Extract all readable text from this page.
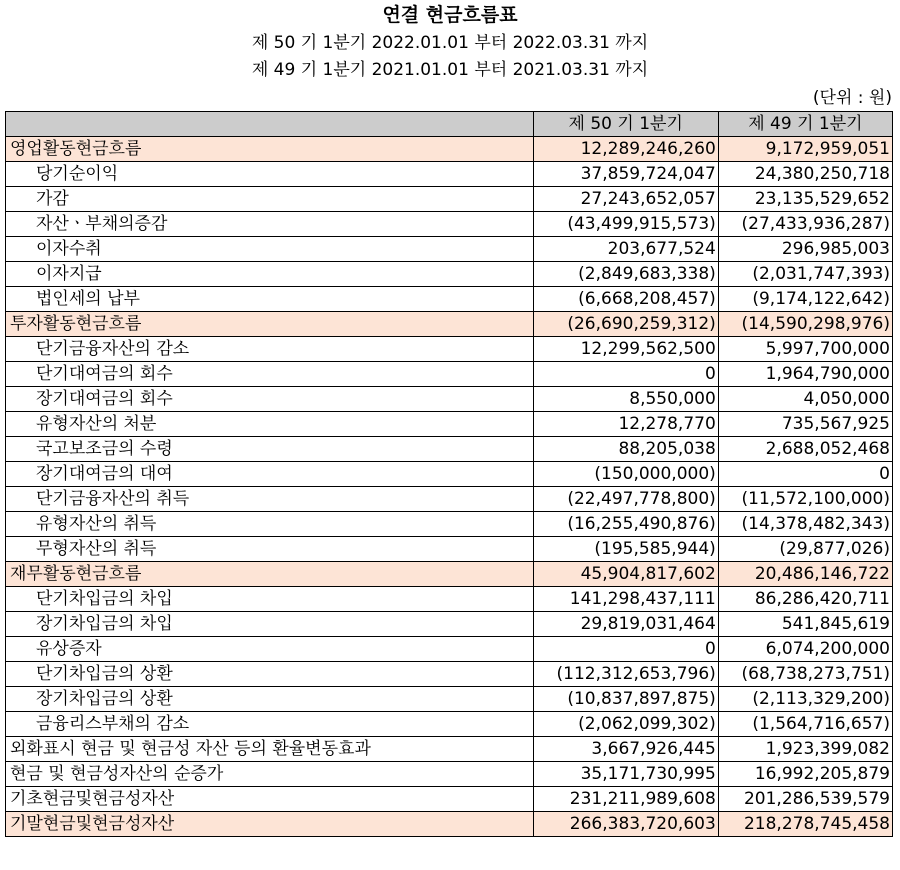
연결 현금흐름표
제 50 기 1분기 2022.01.01 부터 2022.03.31 까지
제 49 기 1분기 2021.01.01 부터 2021.03.31 까지
(단위 : 원)
	제 50 기 1분기	제 49 기 1분기
영업활동현금흐름	12,289,246,260	9,172,959,051
당기순이익	37,859,724,047	24,380,250,718
가감	27,243,652,057	23,135,529,652
자산ㆍ부채의증감	(43,499,915,573)	(27,433,936,287)
이자수취	203,677,524	296,985,003
이자지급	(2,849,683,338)	(2,031,747,393)
법인세의 납부	(6,668,208,457)	(9,174,122,642)
투자활동현금흐름	(26,690,259,312)	(14,590,298,976)
단기금융자산의 감소	12,299,562,500	5,997,700,000
단기대여금의 회수	0	1,964,790,000
장기대여금의 회수	8,550,000	4,050,000
유형자산의 처분	12,278,770	735,567,925
국고보조금의 수령	88,205,038	2,688,052,468
장기대여금의 대여	(150,000,000)	0
단기금융자산의 취득	(22,497,778,800)	(11,572,100,000)
유형자산의 취득	(16,255,490,876)	(14,378,482,343)
무형자산의 취득	(195,585,944)	(29,877,026)
재무활동현금흐름	45,904,817,602	20,486,146,722
단기차입금의 차입	141,298,437,111	86,286,420,711
장기차입금의 차입	29,819,031,464	541,845,619
유상증자	0	6,074,200,000
단기차입금의 상환	(112,312,653,796)	(68,738,273,751)
장기차입금의 상환	(10,837,897,875)	(2,113,329,200)
금융리스부채의 감소	(2,062,099,302)	(1,564,716,657)
외화표시 현금 및 현금성 자산 등의 환율변동효과	3,667,926,445	1,923,399,082
현금 및 현금성자산의 순증가	35,171,730,995	16,992,205,879
기초현금및현금성자산	231,211,989,608	201,286,539,579
기말현금및현금성자산	266,383,720,603	218,278,745,458
